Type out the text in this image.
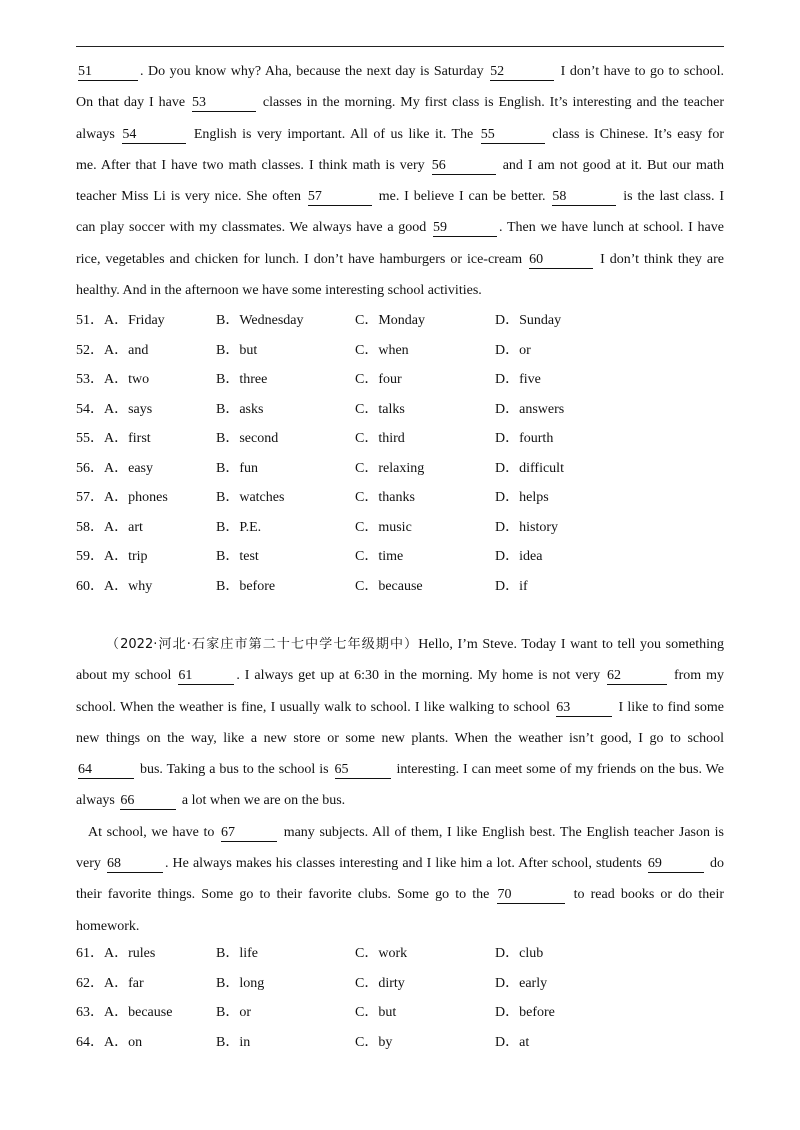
51	. Do you know why? Aha, because the next day is Saturday 52	I don’t have to go to school.
On that day I have 53	classes in the morning. My first class is English. It’s interesting and the teacher
always 54	English is very important. All of us like it. The 55	class is Chinese. It’s easy for
me. After that I have two math classes. I think math is very 56	and I am not good at it. But our math
teacher Miss Li is very nice. She often 57	me. I believe I can be better. 58	is the last class. I
can play soccer with my classmates. We always have a good 59	. Then we have lunch at school. I have
rice, vegetables and chicken for lunch. I don’t have hamburgers or ice-cream 60	I don’t think they are
healthy. And in the afternoon we have some interesting school activities.
51．A．Friday	B．Wednesday	C．Monday	D．Sunday
52．A．and	B．but	C．when	D．or
53．A．two	B．three	C．four	D．five
54．A．says	B．asks	C．talks	D．answers
55．A．first	B．second	C．third	D．fourth
56．A．easy	B．fun	C．relaxing	D．difficult
57．A．phones	B．watches	C．thanks	D．helps
58．A．art	B．P.E.	C．music	D．history
59．A．trip	B．test	C．time	D．idea
60．A．why	B．before	C．because	D．if
（2022·河北·石家庄市第二十七中学七年级期中）Hello, I’m Steve. Today I want to tell you something
about my school 61	. I always get up at 6:30 in the morning. My home is not very 62	from my
school. When the weather is fine, I usually walk to school. I like walking to school 63	I like to find some
new things on the way, like a new store or some new plants. When the weather isn’t good, I go to school
64	bus. Taking a bus to the school is 65	interesting. I can meet some of my friends on the bus. We
always 66	a lot when we are on the bus.
At school, we have to 67	many subjects. All of them, I like English best. The English teacher Jason is
very 68	. He always makes his classes interesting and I like him a lot. After school, students 69	do
their favorite things. Some go to their favorite clubs. Some go to the 70	to read books or do their
homework.
61．A．rules	B．life	C．work	D．club
62．A．far	B．long	C．dirty	D．early
63．A．because	B．or	C．but	D．before
64．A．on	B．in	C．by	D．at
